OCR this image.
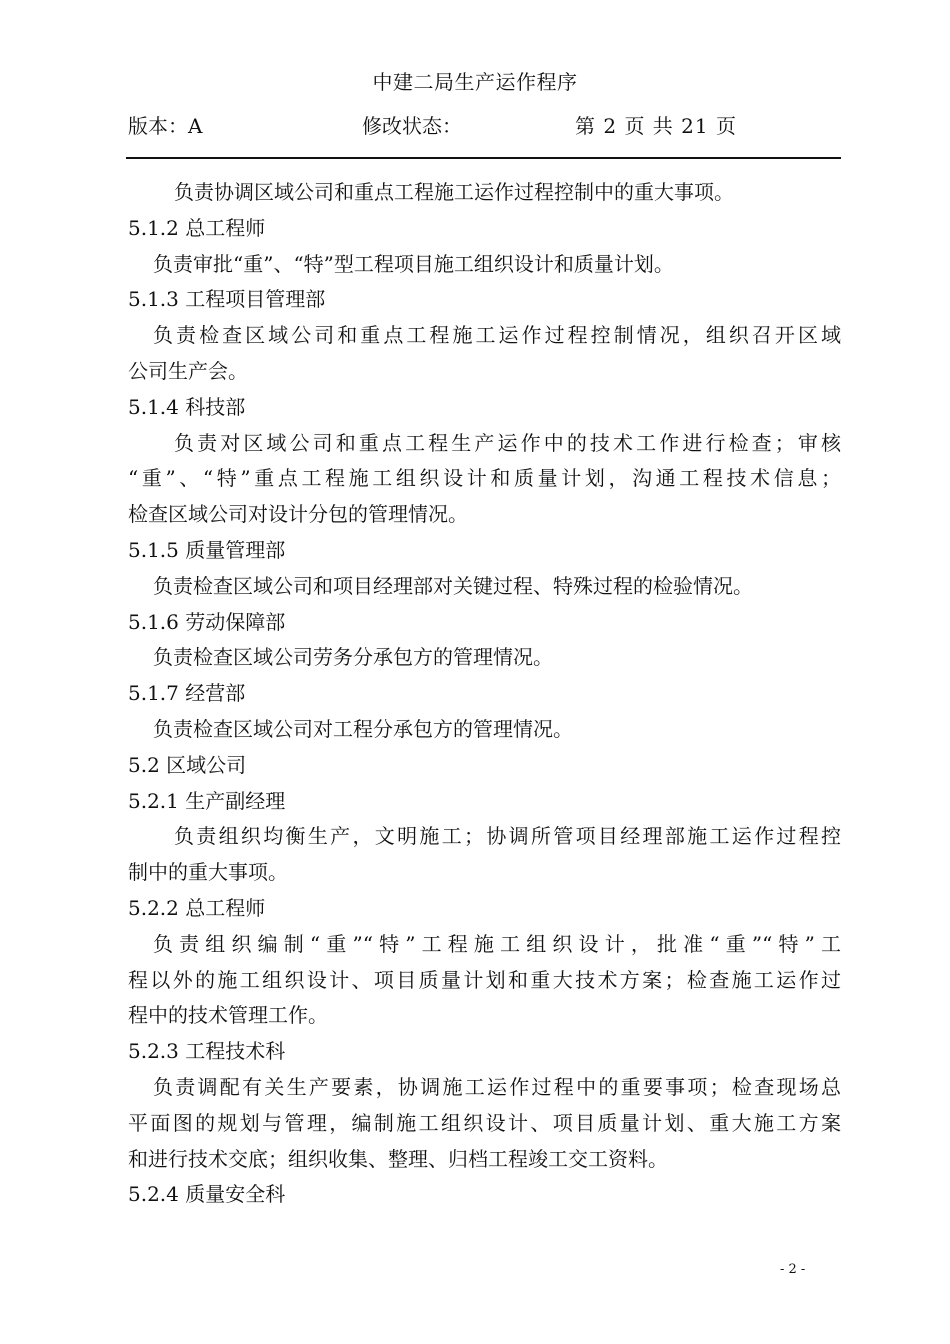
中建二局生产运作程序
版本：A	修改状态：	第 2 页 共 21 页
负责协调区域公司和重点工程施工运作过程控制中的重大事项。
5.1.2 总工程师
负责审批“重”、“特”型工程项目施工组织设计和质量计划。
5.1.3 工程项目管理部
负责检查区域公司和重点工程施工运作过程控制情况，组织召开区域
公司生产会。
5.1.4 科技部
负责对区域公司和重点工程生产运作中的技术工作进行检查；审核
“重”、“特”重点工程施工组织设计和质量计划，沟通工程技术信息；
检查区域公司对设计分包的管理情况。
5.1.5 质量管理部
负责检查区域公司和项目经理部对关键过程、特殊过程的检验情况。
5.1.6 劳动保障部
负责检查区域公司劳务分承包方的管理情况。
5.1.7 经营部
负责检查区域公司对工程分承包方的管理情况。
5.2 区域公司
5.2.1 生产副经理
负责组织均衡生产，文明施工；协调所管项目经理部施工运作过程控
制中的重大事项。
5.2.2 总工程师
负责组织编制“重”“特”工程施工组织设计，批准“重”“特”工
程以外的施工组织设计、项目质量计划和重大技术方案；检查施工运作过
程中的技术管理工作。
5.2.3 工程技术科
负责调配有关生产要素，协调施工运作过程中的重要事项；检查现场总
平面图的规划与管理，编制施工组织设计、项目质量计划、重大施工方案
和进行技术交底；组织收集、整理、归档工程竣工交工资料。
5.2.4 质量安全科
- 2 -
